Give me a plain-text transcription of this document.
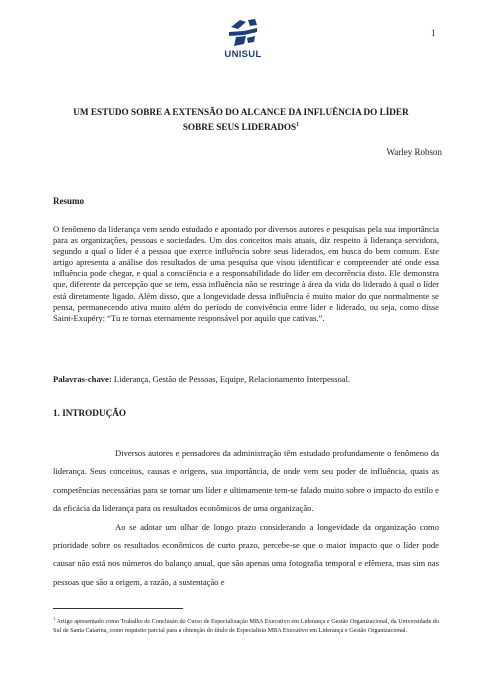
1
UNISUL
UM ESTUDO SOBRE A EXTENSÃO DO ALCANCE DA INFLUÊNCIA DO LÍDER
SOBRE SEUS LIDERADOS$^1$
Warley Robson
Resumo

O fenômeno da liderança vem sendo estudado e apontado por diversos autores e pesquisas pela sua importância para as organizações, pessoas e sociedades. Um dos conceitos mais atuais, diz respeito à liderança servidora, segundo a qual o líder é a pessoa que exerce influência sobre seus liderados, em busca do bem comum. Este artigo apresenta a análise dos resultados de uma pesquisa que visou identificar e compreender até onde essa influência pode chegar, e qual a consciência e a responsabilidade do líder em decorrência disto. Ele demonstra que, diferente da percepção que se tem, essa influência não se restringe à área da vida do liderado à qual o líder está diretamente ligado. Além disso, que a longevidade dessa influência é muito maior do que normalmente se pensa, permanecendo ativa muito além do período de convivência entre líder e liderado, ou seja, como disse Saint-Exupéry: “Tu te tornas eternamente responsável por aquilo que cativas.”.

Palavras-chave: Liderança, Gestão de Pessoas, Equipe, Relacionamento Interpessoal.
1. INTRODUÇÃO

Diversos autores e pensadores da administração têm estudado profundamente o fenômeno da liderança. Seus conceitos, causas e origens, sua importância, de onde vem seu poder de influência, quais as competências necessárias para se tornar um líder e ultimamente tem-se falado muito sobre o impacto do estilo e da eficácia da liderança para os resultados econômicos de uma organização.

Ao se adotar um olhar de longo prazo considerando a longevidade da organização como prioridade sobre os resultados econômicos de curto prazo, percebe-se que o maior impacto que o líder pode causar não está nos números do balanço anual, que são apenas uma fotografia temporal e efêmera, mas sim nas pessoas que são a origem, a razão, a sustentação e

$^1$ Artigo apresentado como Trabalho de Conclusão do Curso de Especialização MBA Executivo em Liderança e Gestão Organizacional, da Universidade do Sul de Santa Catarina, como requisito parcial para a obtenção do título de Especialista MBA Executivo em Liderança e Gestão Organizacional.
